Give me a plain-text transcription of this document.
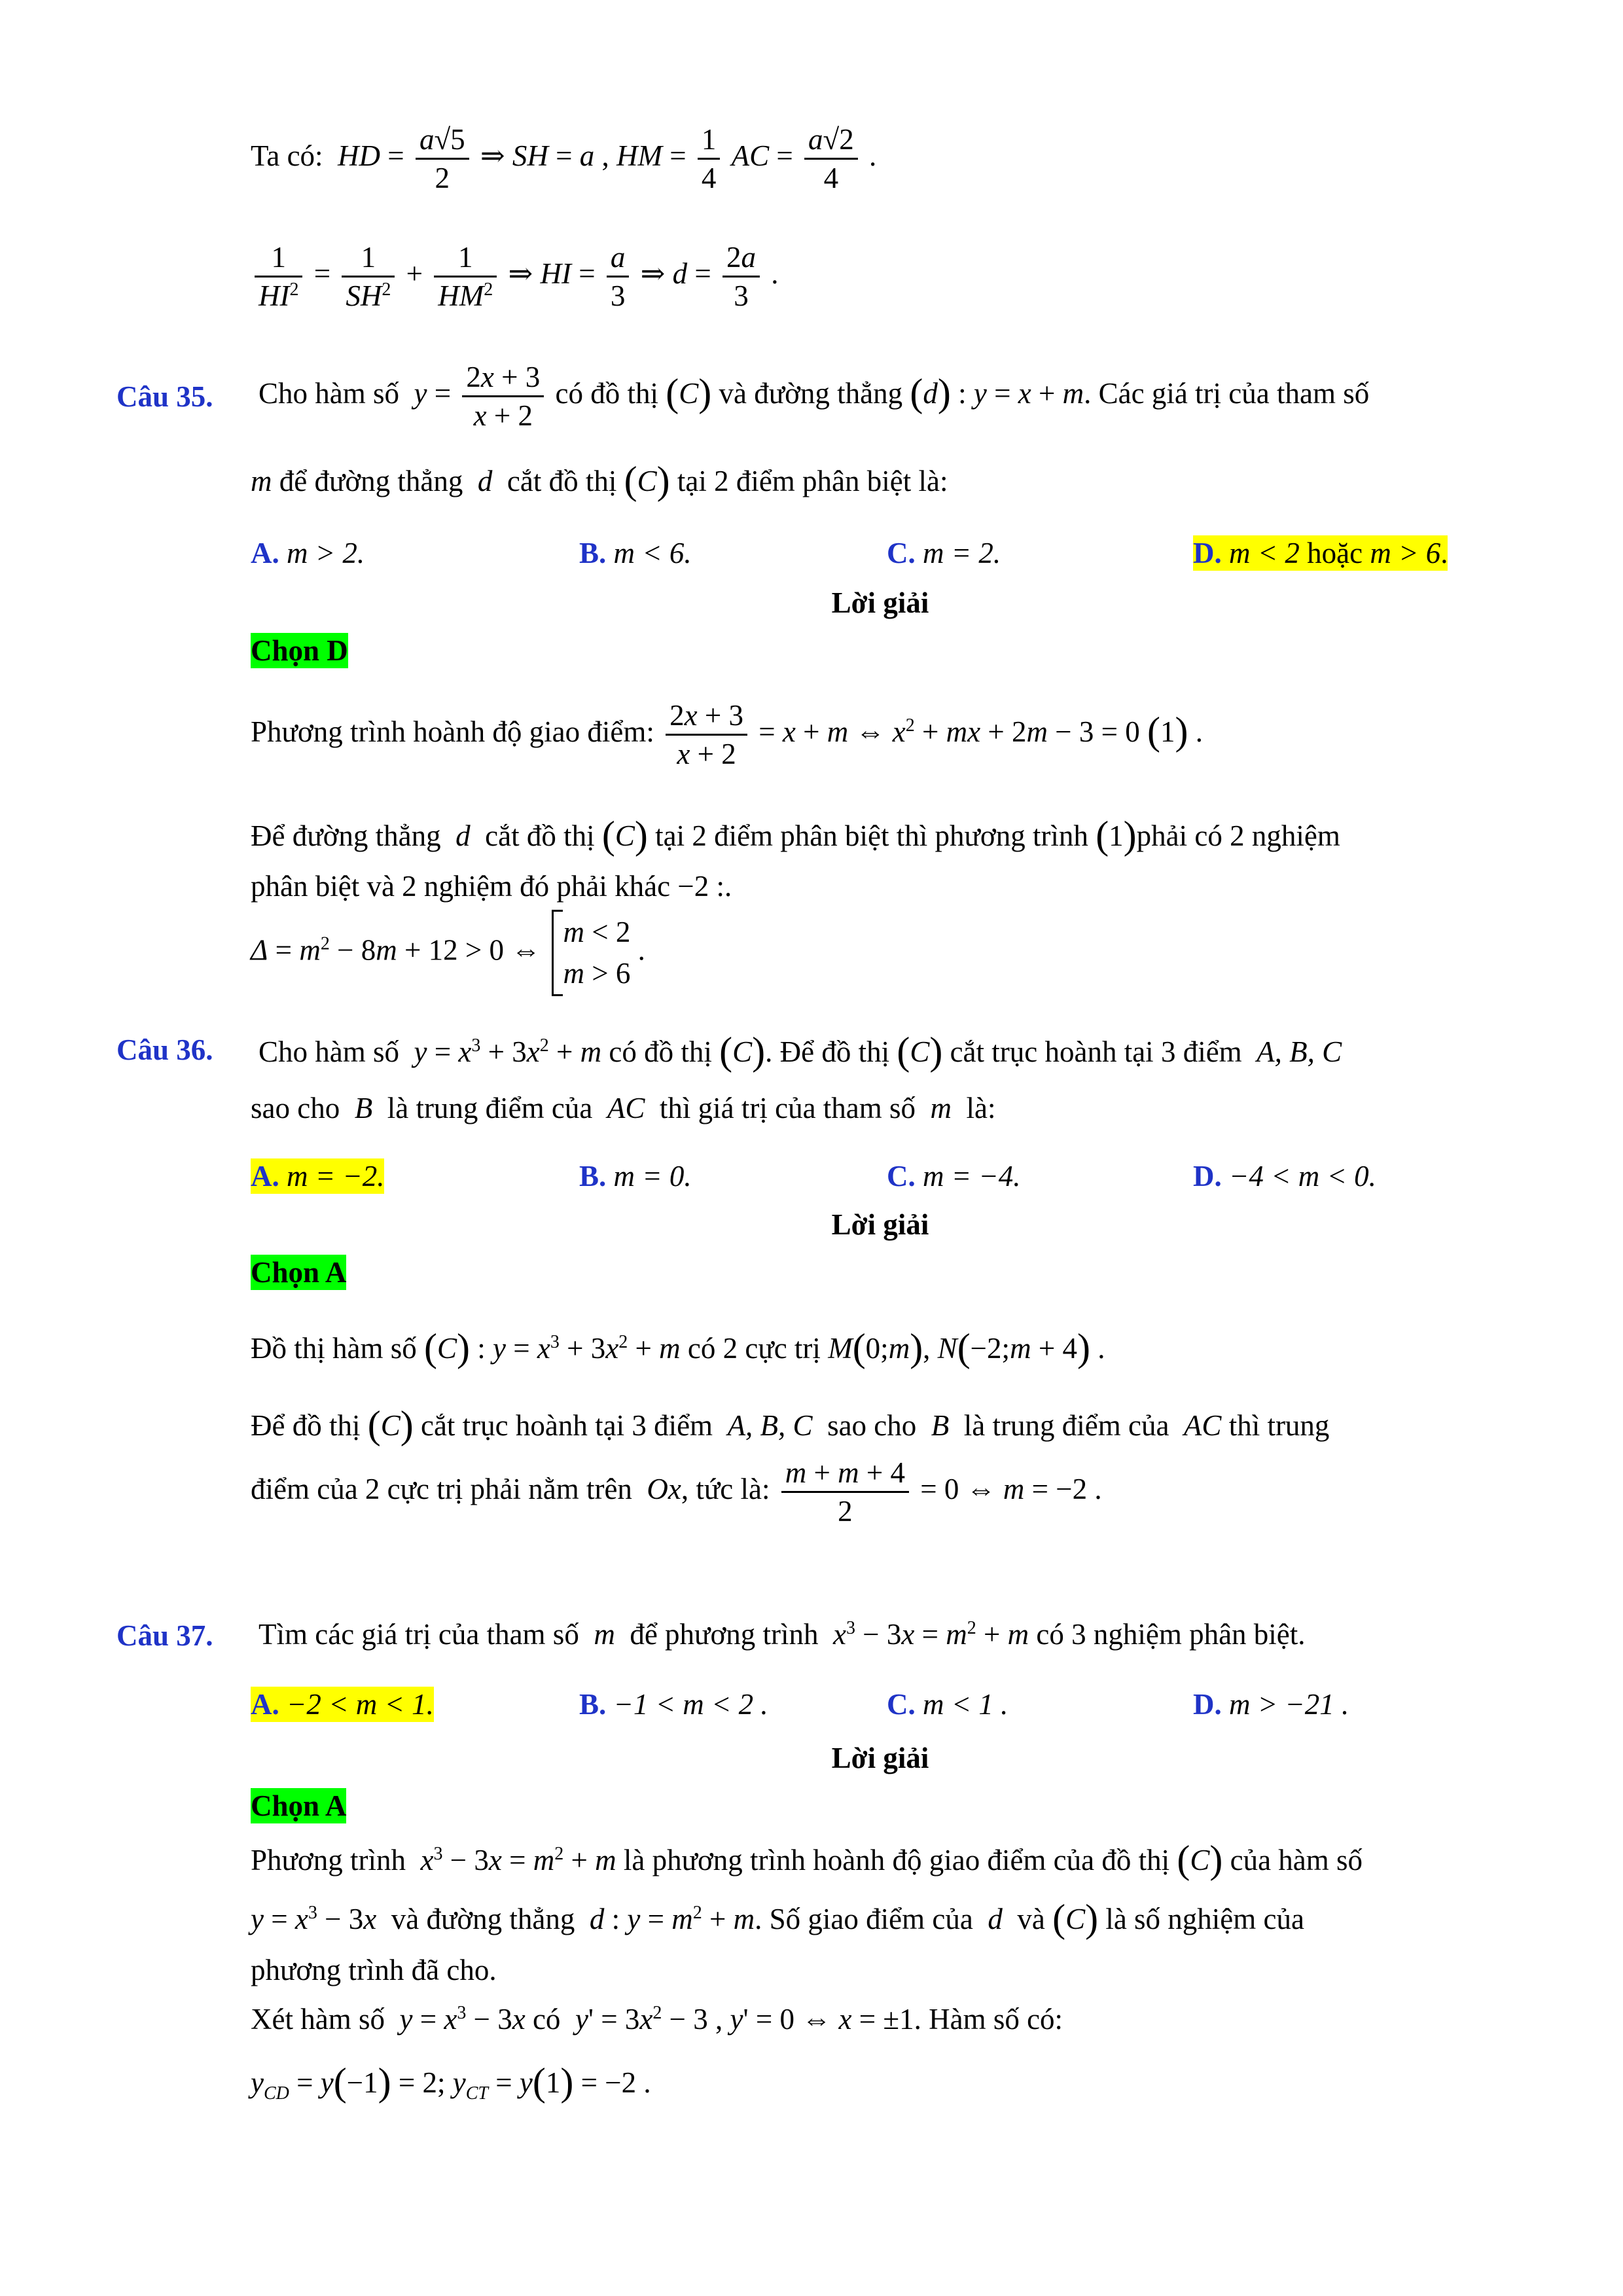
Ta có:  HD = $\frac{a√5}{2}$ ⇒ SH = a , HM = $\frac{1}{4}$ AC = $\frac{a√2}{4}$ .
$\frac{1}{HI^2} = \frac{1}{SH^2} + \frac{1}{HM^2}$ ⇒ HI = $\frac{a}{3}$ ⇒ $d = \frac{2a}{3}$ .
Câu 35. Cho hàm số  $y = \frac{2x + 3}{x + 2}$ có đồ thị (C) và đường thẳng (d) : y = x + m. Các giá trị của tham số
m để đường thẳng  d  cắt đồ thị (C) tại 2 điểm phân biệt là:
A. m > 2.	B. m < 6.	C. m = 2.	D. m < 2 hoặc m > 6.
Lời giải
Chọn D
Phương trình hoành độ giao điểm: $\frac{2x + 3}{x + 2} = x + m$ ⇔ $x^2$ + mx + 2m − 3 = 0 (1) .
Để đường thẳng  d  cắt đồ thị (C) tại 2 điểm phân biệt thì phương trình (1)phải có 2 nghiệm
phân biệt và 2 nghiệm đó phải khác −2 :.
$\Delta = m^2 - 8m + 12 > 0$ ⇔
m < 2
m > 6
.
Câu 36. Cho hàm số  $y = x^3 + 3x^2 + m$ có đồ thị (C). Để đồ thị (C) cắt trục hoành tại 3 điểm  A, B, C
sao cho  B  là trung điểm của  AC  thì giá trị của tham số  m  là:
A. m = −2.	B. m = 0.	C. m = −4.	D. −4 < m < 0.
Lời giải
Chọn A
Đồ thị hàm số (C) : $y = x^3 + 3x^2 + m$ có 2 cực trị M(0;m), N(−2;m + 4) .
Để đồ thị (C) cắt trục hoành tại 3 điểm  A, B, C  sao cho  B  là trung điểm của  AC thì trung
điểm của 2 cực trị phải nằm trên  Ox, tức là: $\frac{m + m + 4}{2} = 0$ ⇔ m = −2 .
Câu 37. Tìm các giá trị của tham số  m  để phương trình  $x^3 - 3x = m^2 + m$ có 3 nghiệm phân biệt.
A. −2 < m < 1.	B. −1 < m < 2 .	C. m < 1 .	D. m > −21 .
Lời giải
Chọn A
Phương trình  $x^3 - 3x = m^2 + m$ là phương trình hoành độ giao điểm của đồ thị (C) của hàm số
$y = x^3 - 3x$ và đường thẳng  d : $y = m^2 + m$. Số giao điểm của  d  và (C) là số nghiệm của
phương trình đã cho.
Xét hàm số  $y = x^3 - 3x$ có  $y' = 3x^2 - 3$ , y' = 0 ⇔ x = ±1. Hàm số có:
$y_{CD} = y(-1) = 2$; $y_{CT} = y(1) = -2$ .
